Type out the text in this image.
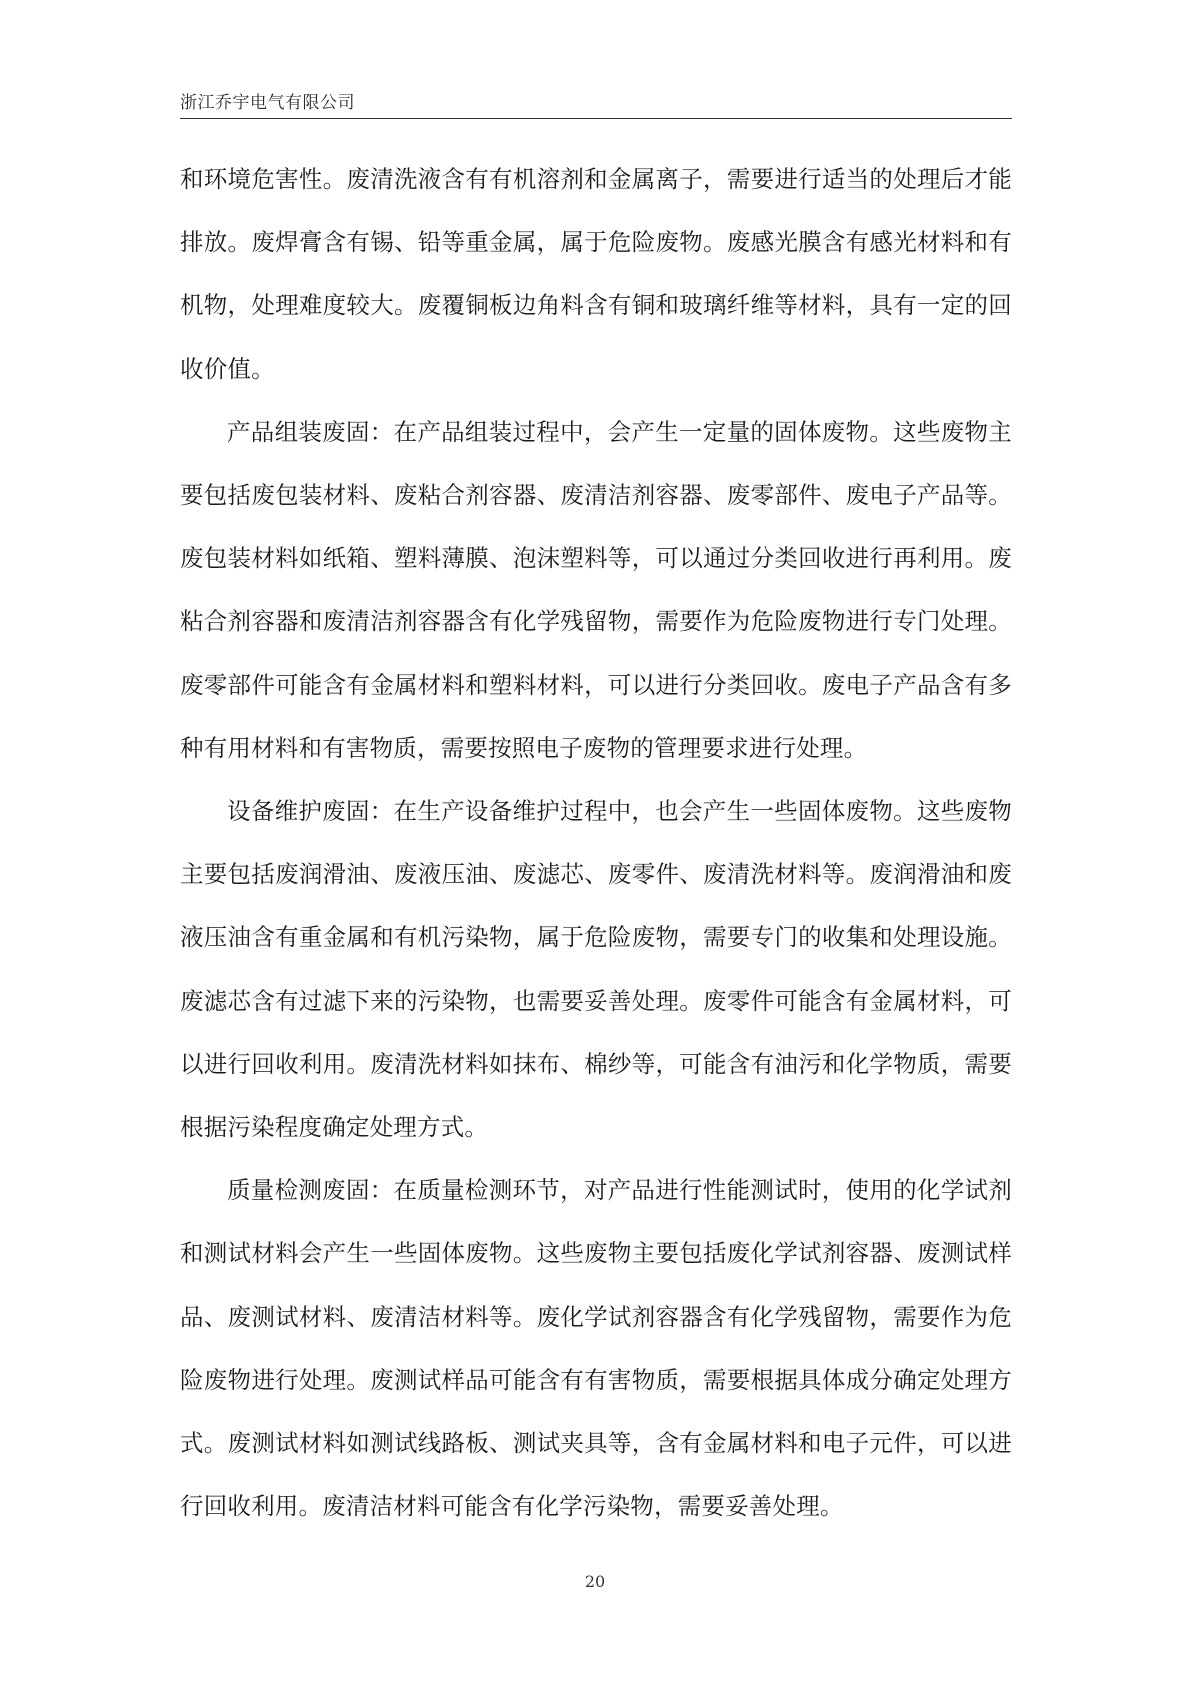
浙江乔宇电气有限公司

和环境危害性。废清洗液含有有机溶剂和金属离子，需要进行适当的处理后才能排放。废焊膏含有锡、铅等重金属，属于危险废物。废感光膜含有感光材料和有机物，处理难度较大。废覆铜板边角料含有铜和玻璃纤维等材料，具有一定的回收价值。

产品组装废固：在产品组装过程中，会产生一定量的固体废物。这些废物主要包括废包装材料、废粘合剂容器、废清洁剂容器、废零部件、废电子产品等。废包装材料如纸箱、塑料薄膜、泡沫塑料等，可以通过分类回收进行再利用。废粘合剂容器和废清洁剂容器含有化学残留物，需要作为危险废物进行专门处理。废零部件可能含有金属材料和塑料材料，可以进行分类回收。废电子产品含有多种有用材料和有害物质，需要按照电子废物的管理要求进行处理。

设备维护废固：在生产设备维护过程中，也会产生一些固体废物。这些废物主要包括废润滑油、废液压油、废滤芯、废零件、废清洗材料等。废润滑油和废液压油含有重金属和有机污染物，属于危险废物，需要专门的收集和处理设施。废滤芯含有过滤下来的污染物，也需要妥善处理。废零件可能含有金属材料，可以进行回收利用。废清洗材料如抹布、棉纱等，可能含有油污和化学物质，需要根据污染程度确定处理方式。

质量检测废固：在质量检测环节，对产品进行性能测试时，使用的化学试剂和测试材料会产生一些固体废物。这些废物主要包括废化学试剂容器、废测试样品、废测试材料、废清洁材料等。废化学试剂容器含有化学残留物，需要作为危险废物进行处理。废测试样品可能含有有害物质，需要根据具体成分确定处理方式。废测试材料如测试线路板、测试夹具等，含有金属材料和电子元件，可以进行回收利用。废清洁材料可能含有化学污染物，需要妥善处理。

20
